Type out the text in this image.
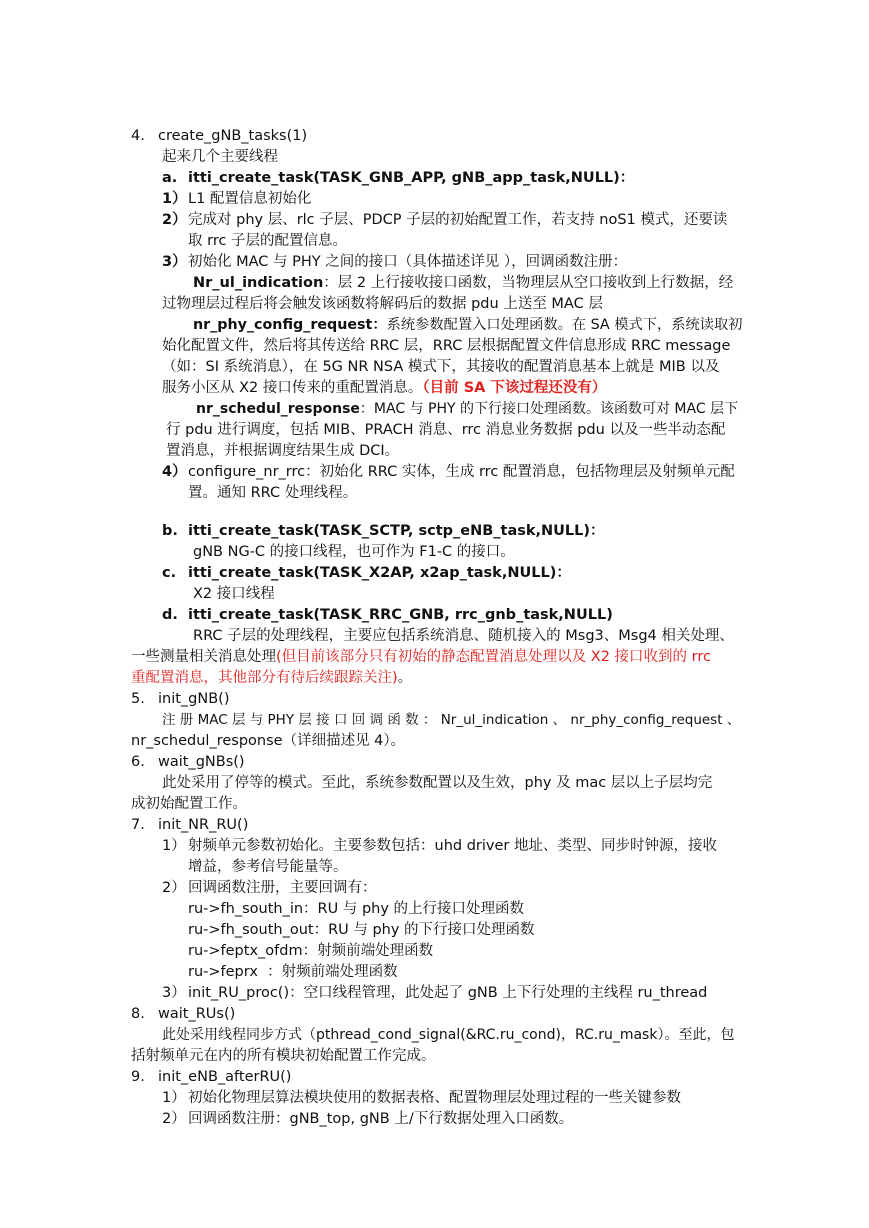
4. create_gNB_tasks(1)
起来几个主要线程
a. itti_create_task(TASK_GNB_APP, gNB_app_task,NULL)：
1） L1 配置信息初始化
2） 完成对 phy 层、rlc 子层、PDCP 子层的初始配置工作，若支持 noS1 模式，还要读
取 rrc 子层的配置信息。
3） 初始化 MAC 与 PHY 之间的接口（具体描述详见 ），回调函数注册：
Nr_ul_indication：层 2 上行接收接口函数，当物理层从空口接收到上行数据，经
过物理层过程后将会触发该函数将解码后的数据 pdu 上送至 MAC 层
nr_phy_config_request：系统参数配置入口处理函数。在 SA 模式下，系统读取初
始化配置文件，然后将其传送给 RRC 层，RRC 层根据配置文件信息形成 RRC message
（如：SI 系统消息），在 5G NR NSA 模式下，其接收的配置消息基本上就是 MIB 以及
服务小区从 X2 接口传来的重配置消息。（目前 SA 下该过程还没有）
nr_schedul_response：MAC 与 PHY 的下行接口处理函数。该函数可对 MAC 层下
行 pdu 进行调度，包括 MIB、PRACH 消息、rrc 消息业务数据 pdu 以及一些半动态配
置消息，并根据调度结果生成 DCI。
4） configure_nr_rrc：初始化 RRC 实体，生成 rrc 配置消息，包括物理层及射频单元配
置。通知 RRC 处理线程。
b. itti_create_task(TASK_SCTP, sctp_eNB_task,NULL)：
gNB NG-C 的接口线程，也可作为 F1-C 的接口。
c. itti_create_task(TASK_X2AP, x2ap_task,NULL)：
X2 接口线程
d. itti_create_task(TASK_RRC_GNB, rrc_gnb_task,NULL)
RRC 子层的处理线程，主要应包括系统消息、随机接入的 Msg3、Msg4 相关处理、
一些测量相关消息处理(但目前该部分只有初始的静态配置消息处理以及 X2 接口收到的 rrc
重配置消息，其他部分有待后续跟踪关注)。
5. init_gNB()
注 册 MAC 层 与 PHY 层 接 口 回 调 函 数 ： Nr_ul_indication 、 nr_phy_config_request 、
nr_schedul_response（详细描述见 4）。
6. wait_gNBs()
此处采用了停等的模式。至此，系统参数配置以及生效，phy 及 mac 层以上子层均完
成初始配置工作。
7. init_NR_RU()
1） 射频单元参数初始化。主要参数包括：uhd driver 地址、类型、同步时钟源，接收
增益，参考信号能量等。
2） 回调函数注册，主要回调有：
ru->fh_south_in：RU 与 phy 的上行接口处理函数
ru->fh_south_out：RU 与 phy 的下行接口处理函数
ru->feptx_ofdm：射频前端处理函数
ru->feprx  ：射频前端处理函数
3） init_RU_proc()：空口线程管理，此处起了 gNB 上下行处理的主线程 ru_thread
8. wait_RUs()
此处采用线程同步方式（pthread_cond_signal(&RC.ru_cond)，RC.ru_mask）。至此，包
括射频单元在内的所有模块初始配置工作完成。
9. init_eNB_afterRU()
1） 初始化物理层算法模块使用的数据表格、配置物理层处理过程的一些关键参数
2） 回调函数注册：gNB_top, gNB 上/下行数据处理入口函数。
